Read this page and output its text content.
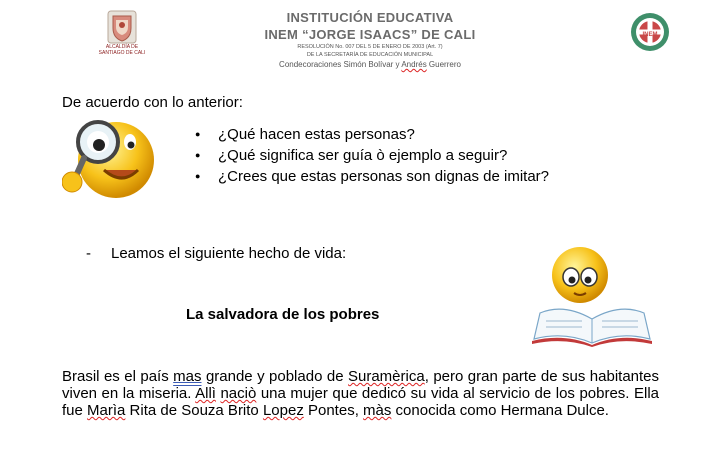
ALCALDÍA DE
SANTIAGO DE CALI
INSTITUCIÓN EDUCATIVA
INEM “JORGE ISAACS” DE CALI
RESOLUCIÓN No. 007 DEL 5 DE ENERO DE 2003 (Art. 7)
DE LA SECRETARÍA DE EDUCACIÓN MUNICIPAL
Condecoraciones Simón Bolívar y Andrés Guerrero
INEM
De acuerdo con lo anterior:
● ¿Qué hacen estas personas?
● ¿Qué significa ser guía ò ejemplo a seguir?
● ¿Crees que estas personas son dignas de imitar?
- Leamos el siguiente hecho de vida:
La salvadora de los pobres
Brasil es el país mas grande y poblado de Suramèrica, pero gran parte de sus habitantes viven en la miseria. Allì naciò una mujer que dedicó su vida al servicio de los pobres. Ella fue Marìa Rita de Souza Brito Lopez Pontes, màs conocida como Hermana Dulce.
